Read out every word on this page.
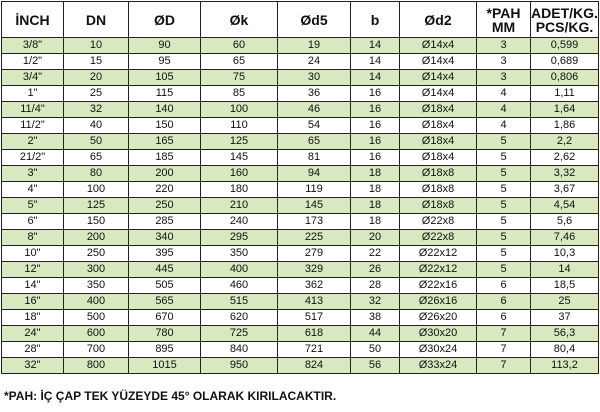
İNCH	DN	ØD	Øk	Ød5	b	Ød2	*PAH MM	ADET/KG. PCS/KG.
3/8"	10	90	60	19	14	Ø14x4	3	0,599
1/2"	15	95	65	24	14	Ø14x4	3	0,689
3/4"	20	105	75	30	14	Ø14x4	3	0,806
1"	25	115	85	36	16	Ø14x4	4	1,11
11/4"	32	140	100	46	16	Ø18x4	4	1,64
11/2"	40	150	110	54	16	Ø18x4	4	1,86
2"	50	165	125	65	16	Ø18x4	5	2,2
21/2"	65	185	145	81	16	Ø18x4	5	2,62
3"	80	200	160	94	18	Ø18x8	5	3,32
4"	100	220	180	119	18	Ø18x8	5	3,67
5"	125	250	210	145	18	Ø18x8	5	4,54
6"	150	285	240	173	18	Ø22x8	5	5,6
8"	200	340	295	225	20	Ø22x8	5	7,46
10"	250	395	350	279	22	Ø22x12	5	10,3
12"	300	445	400	329	26	Ø22x12	5	14
14"	350	505	460	362	28	Ø22x16	6	18,5
16"	400	565	515	413	32	Ø26x16	6	25
18"	500	670	620	517	38	Ø26x20	6	37
24"	600	780	725	618	44	Ø30x20	7	56,3
28"	700	895	840	721	50	Ø30x24	7	80,4
32"	800	1015	950	824	56	Ø33x24	7	113,2
*PAH: İÇ ÇAP TEK YÜZEYDE 45° OLARAK KIRILACAKTIR.
